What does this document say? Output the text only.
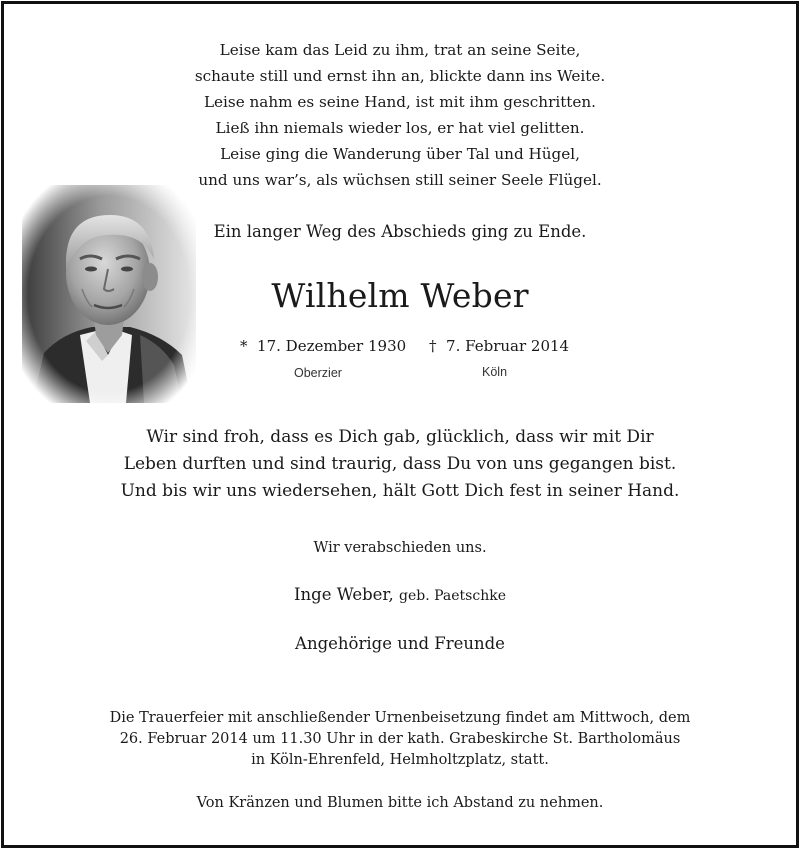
Leise kam das Leid zu ihm, trat an seine Seite,
schaute still und ernst ihn an, blickte dann ins Weite.
Leise nahm es seine Hand, ist mit ihm geschritten.
Ließ ihn niemals wieder los, er hat viel gelitten.
Leise ging die Wanderung über Tal und Hügel,
und uns war’s, als wüchsen still seiner Seele Flügel.
Ein langer Weg des Abschieds ging zu Ende.
Wilhelm Weber
* 17. Dezember 1930 † 7. Februar 2014
Oberzier	Köln
Wir sind froh, dass es Dich gab, glücklich, dass wir mit Dir
Leben durften und sind traurig, dass Du von uns gegangen bist.
Und bis wir uns wiedersehen, hält Gott Dich fest in seiner Hand.
Wir verabschieden uns.
Inge Weber, geb. Paetschke
Angehörige und Freunde
Die Trauerfeier mit anschließender Urnenbeisetzung findet am Mittwoch, dem
26. Februar 2014 um 11.30 Uhr in der kath. Grabeskirche St. Bartholomäus
in Köln-Ehrenfeld, Helmholtzplatz, statt.
Von Kränzen und Blumen bitte ich Abstand zu nehmen.
